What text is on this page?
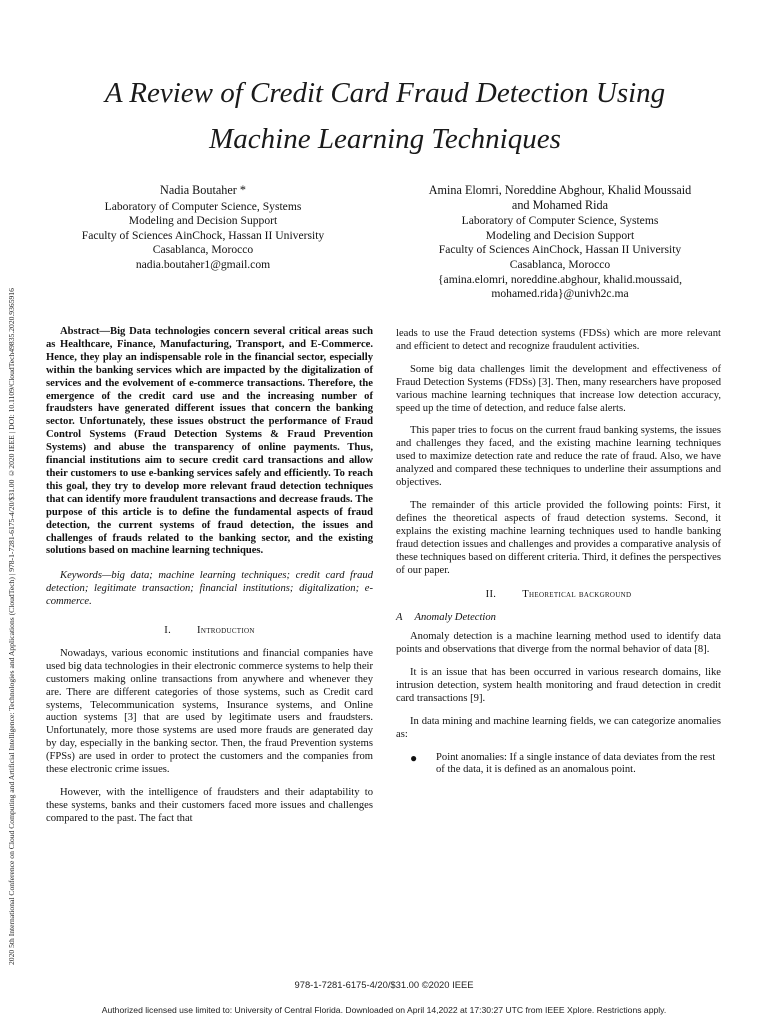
2020 5th International Conference on Cloud Computing and Artificial Intelligence: Technologies and Applications (CloudTech) | 978-1-7281-6175-4/20/$31.00 ©2020 IEEE | DOI: 10.1109/CloudTech49835.2020.9365916
A Review of Credit Card Fraud Detection Using
Machine Learning Techniques
Nadia Boutaher *
Laboratory of Computer Science, Systems
Modeling and Decision Support
Faculty of Sciences AinChock, Hassan II University
Casablanca, Morocco
nadia.boutaher1@gmail.com
Amina Elomri, Noreddine Abghour, Khalid Moussaid
and Mohamed Rida
Laboratory of Computer Science, Systems
Modeling and Decision Support
Faculty of Sciences AinChock, Hassan II University
Casablanca, Morocco
{amina.elomri, noreddine.abghour, khalid.moussaid,
mohamed.rida}@univh2c.ma

Abstract—Big Data technologies concern several critical areas such as Healthcare, Finance, Manufacturing, Transport, and E-Commerce. Hence, they play an indispensable role in the financial sector, especially within the banking services which are impacted by the digitalization of services and the evolvement of e-commerce transactions. Therefore, the emergence of the credit card use and the increasing number of fraudsters have generated different issues that concern the banking sector. Unfortunately, these issues obstruct the performance of Fraud Control Systems (Fraud Detection Systems & Fraud Prevention Systems) and abuse the transparency of online payments. Thus, financial institutions aim to secure credit card transactions and allow their customers to use e-banking services safely and efficiently. To reach this goal, they try to develop more relevant fraud detection techniques that can identify more fraudulent transactions and decrease frauds. The purpose of this article is to define the fundamental aspects of fraud detection, the current systems of fraud detection, the issues and challenges of frauds related to the banking sector, and the existing solutions based on machine learning techniques.

Keywords—big data; machine learning techniques; credit card fraud detection; legitimate transaction; financial institutions; digitalization; e-commerce.

I. Introduction

Nowadays, various economic institutions and financial companies have used big data technologies in their electronic commerce systems to help their customers making online transactions from anywhere and whenever they are. There are different categories of those systems, such as Credit card systems, Telecommunication systems, Insurance systems, and Online auction systems [3] that are used by legitimate users and fraudsters. Unfortunately, more those systems are used more frauds are generated day by day, especially in the banking sector. Then, the fraud Prevention systems (FPSs) are used in order to protect the customers and the companies from these electronic crime issues.

However, with the intelligence of fraudsters and their adaptability to these systems, banks and their customers faced more issues and challenges compared to the past. The fact that

leads to use the Fraud detection systems (FDSs) which are more relevant and efficient to detect and recognize fraudulent activities.

Some big data challenges limit the development and effectiveness of Fraud Detection Systems (FDSs) [3]. Then, many researchers have proposed various machine learning techniques that increase low detection accuracy, speed up the time of detection, and reduce false alerts.

This paper tries to focus on the current fraud banking systems, the issues and challenges they faced, and the existing machine learning techniques used to maximize detection rate and reduce the rate of fraud. Also, we have analyzed and compared these techniques to underline their assumptions and objectives.

The remainder of this article provided the following points: First, it defines the theoretical aspects of fraud detection systems. Second, it explains the existing machine learning techniques used to handle banking fraud detection issues and challenges and provides a comparative analysis of these techniques based on different criteria. Third, it defines the perspectives of our paper.

II. Theoretical background
A Anomaly Detection

Anomaly detection is a machine learning method used to identify data points and observations that diverge from the normal behavior of data [8].

It is an issue that has been occurred in various research domains, like intrusion detection, system health monitoring and fraud detection in credit card transactions [9].

In data mining and machine learning fields, we can categorize anomalies as:

●	Point anomalies: If a single instance of data deviates from the rest of the data, it is defined as an anomalous point.
978-1-7281-6175-4/20/$31.00 ©2020 IEEE
Authorized licensed use limited to: University of Central Florida. Downloaded on April 14,2022 at 17:30:27 UTC from IEEE Xplore. Restrictions apply.
